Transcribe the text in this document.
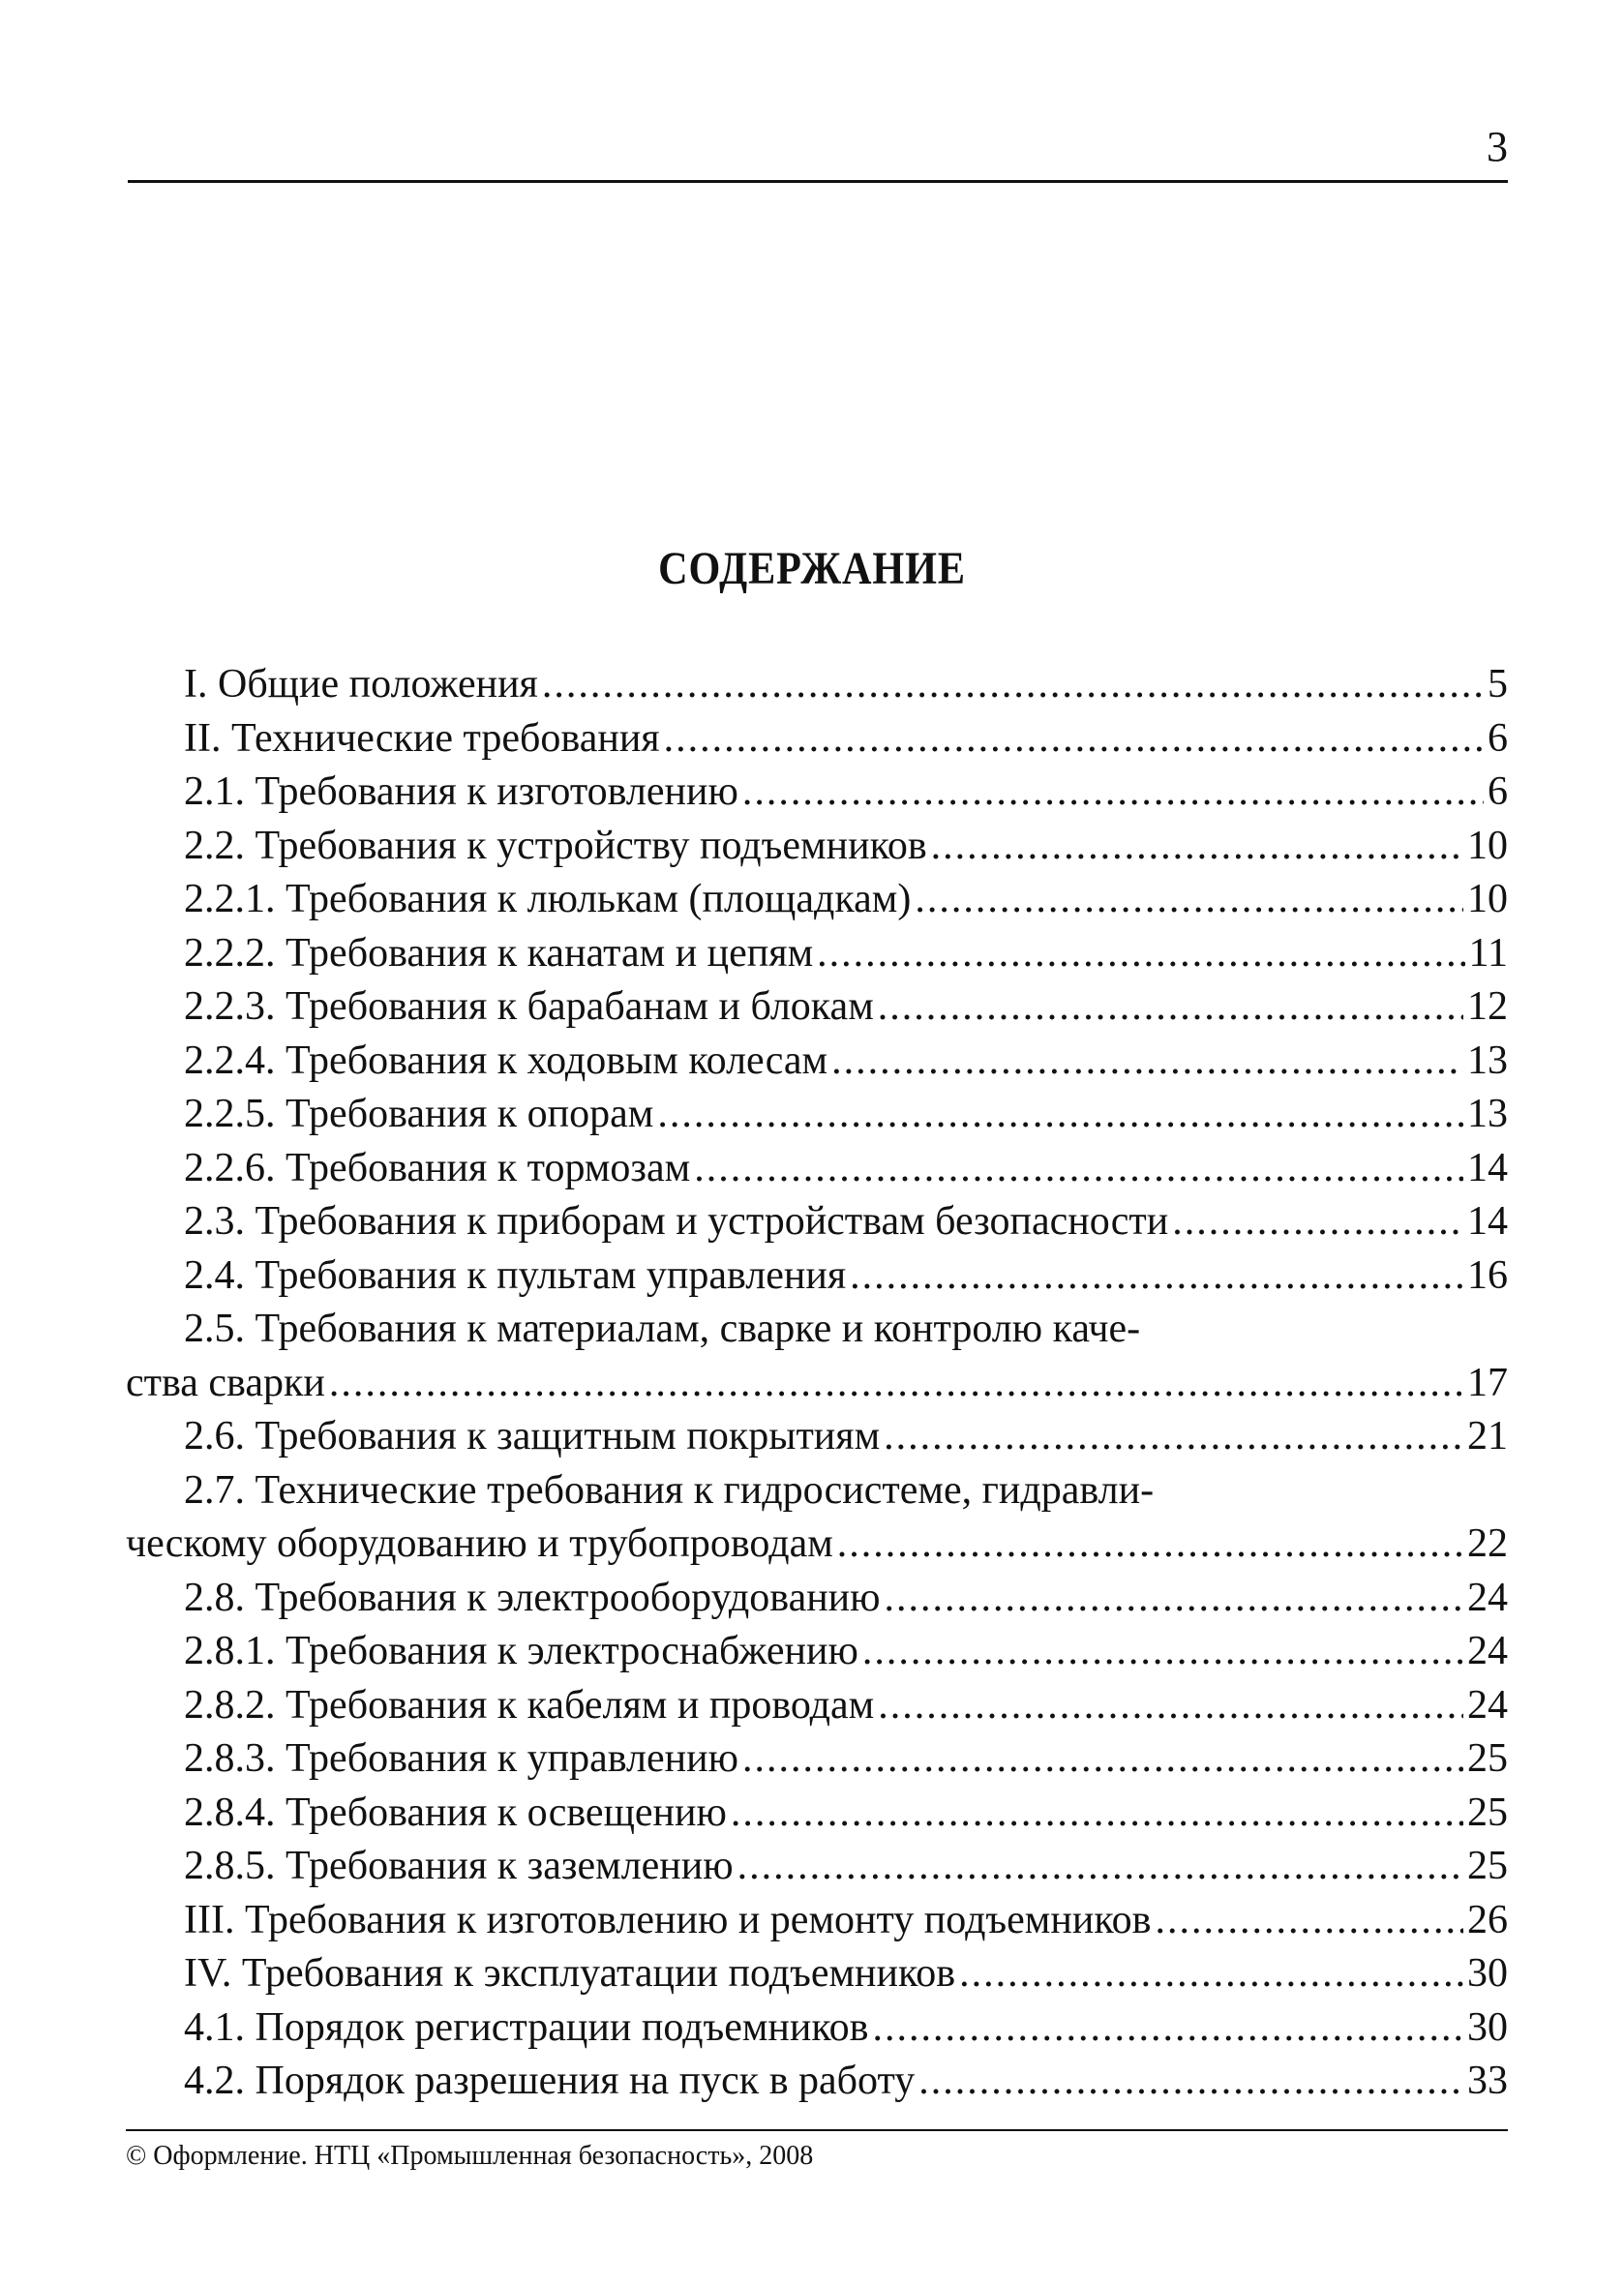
3
СОДЕРЖАНИЕ
I. Общие положения .....	5
II. Технические требования .....	6
2.1. Требования к изготовлению .....	6
2.2. Требования к устройству подъемников .....	10
2.2.1. Требования к люлькам (площадкам) .....	10
2.2.2. Требования к канатам и цепям .....	11
2.2.3. Требования к барабанам и блокам .....	12
2.2.4. Требования к ходовым колесам .....	13
2.2.5. Требования к опорам .....	13
2.2.6. Требования к тормозам .....	14
2.3. Требования к приборам и устройствам безопасности .....	14
2.4. Требования к пультам управления .....	16
2.5. Требования к материалам, сварке и контролю каче-
ства сварки .....	17
2.6. Требования к защитным покрытиям .....	21
2.7. Технические требования к гидросистеме, гидравли-
ческому оборудованию и трубопроводам .....	22
2.8. Требования к электрооборудованию .....	24
2.8.1. Требования к электроснабжению .....	24
2.8.2. Требования к кабелям и проводам .....	24
2.8.3. Требования к управлению .....	25
2.8.4. Требования к освещению .....	25
2.8.5. Требования к заземлению .....	25
III. Требования к изготовлению и ремонту подъемников .....	26
IV. Требования к эксплуатации подъемников .....	30
4.1. Порядок регистрации подъемников .....	30
4.2. Порядок разрешения на пуск в работу .....	33
© Оформление. НТЦ «Промышленная безопасность», 2008
